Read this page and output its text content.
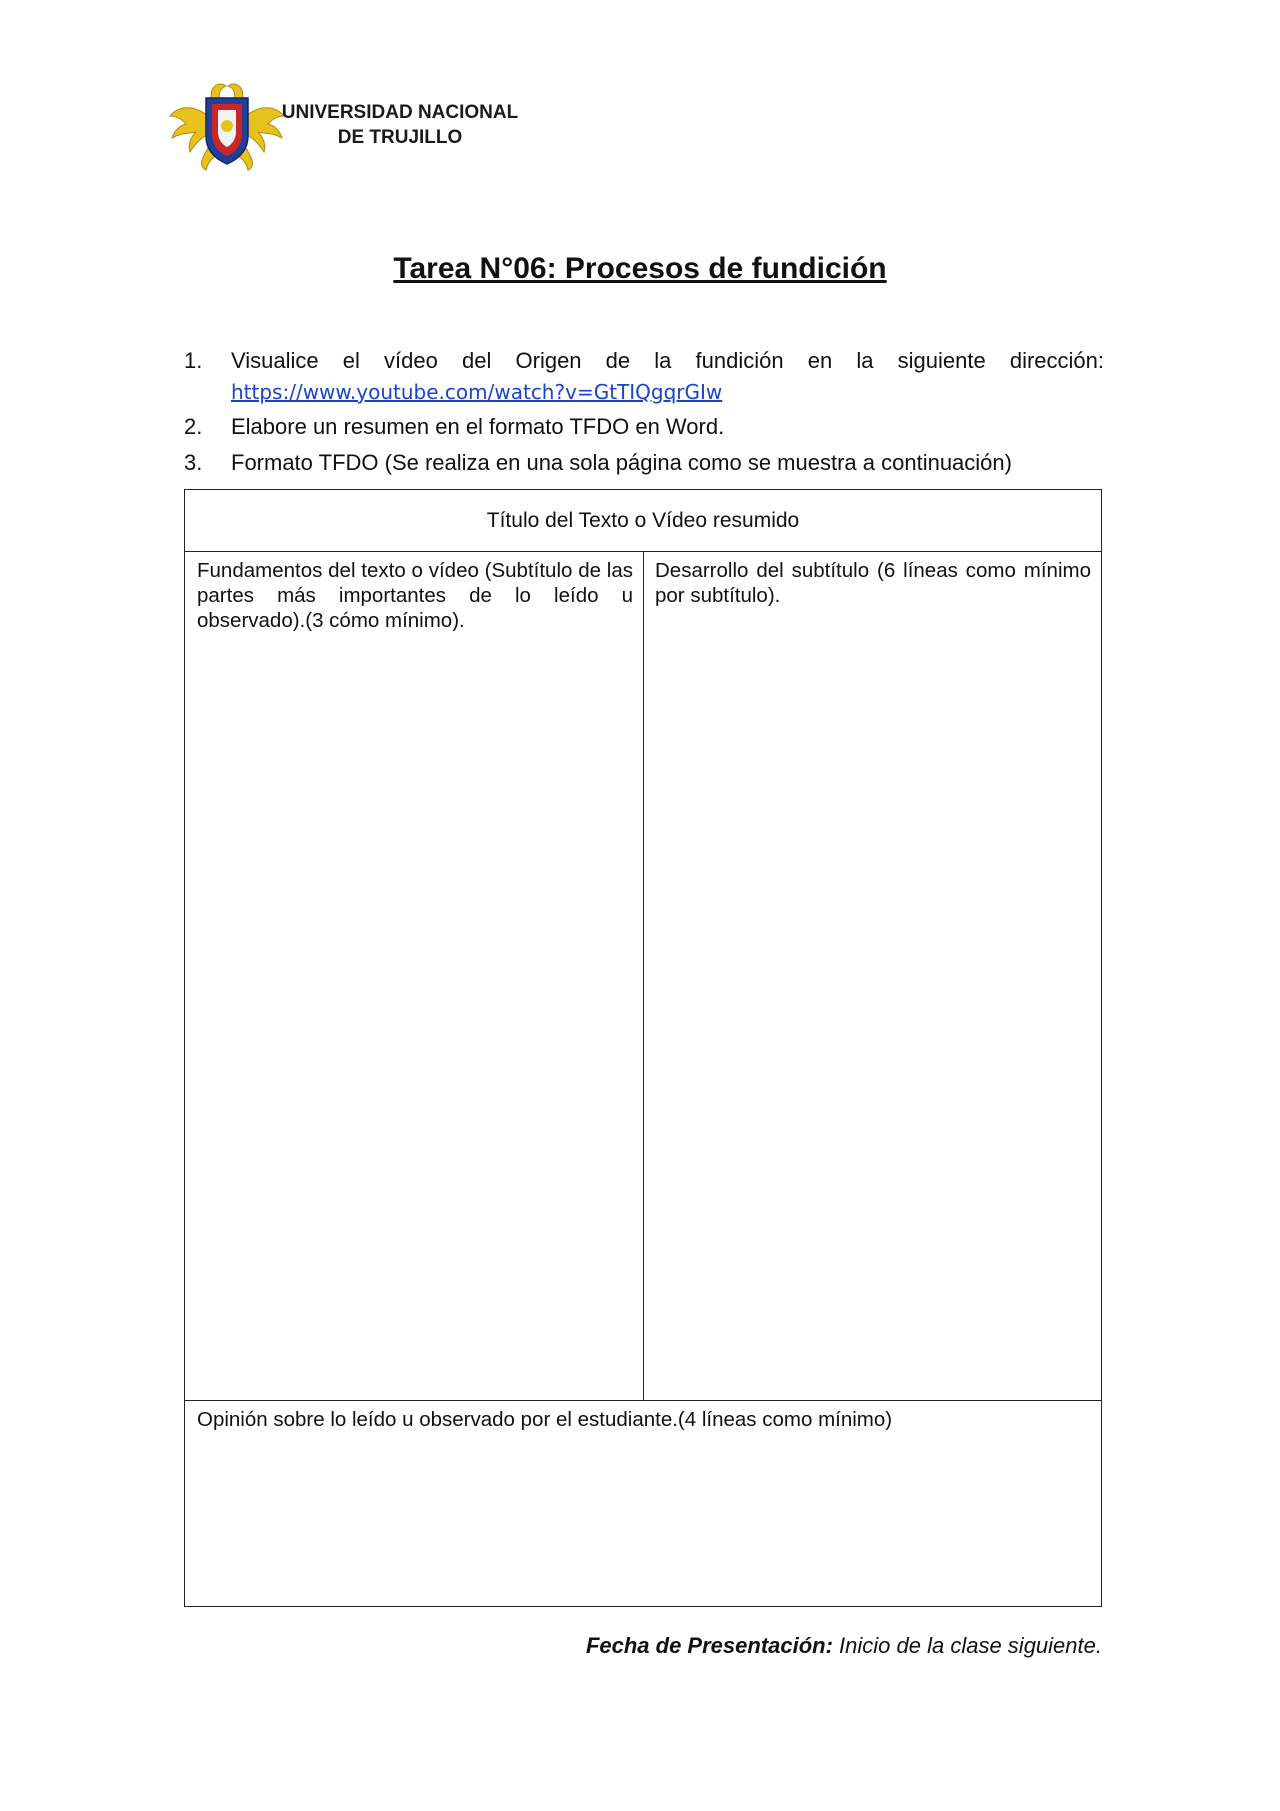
UNIVERSIDAD NACIONAL
DE TRUJILLO
Tarea N°06: Procesos de fundición
1. Visualice el vídeo del Origen de la fundición en la siguiente dirección:
https://www.youtube.com/watch?v=GtTIQgqrGIw
2. Elabore un resumen en el formato TFDO en Word.
3. Formato TFDO (Se realiza en una sola página como se muestra a continuación)
Título del Texto o Vídeo resumido
Fundamentos del texto o vídeo (Subtítulo de las partes más importantes de lo leído u observado).(3 cómo mínimo).
Desarrollo del subtítulo (6 líneas como mínimo por subtítulo).
Opinión sobre lo leído u observado por el estudiante.(4 líneas como mínimo)
Fecha de Presentación: Inicio de la clase siguiente.
